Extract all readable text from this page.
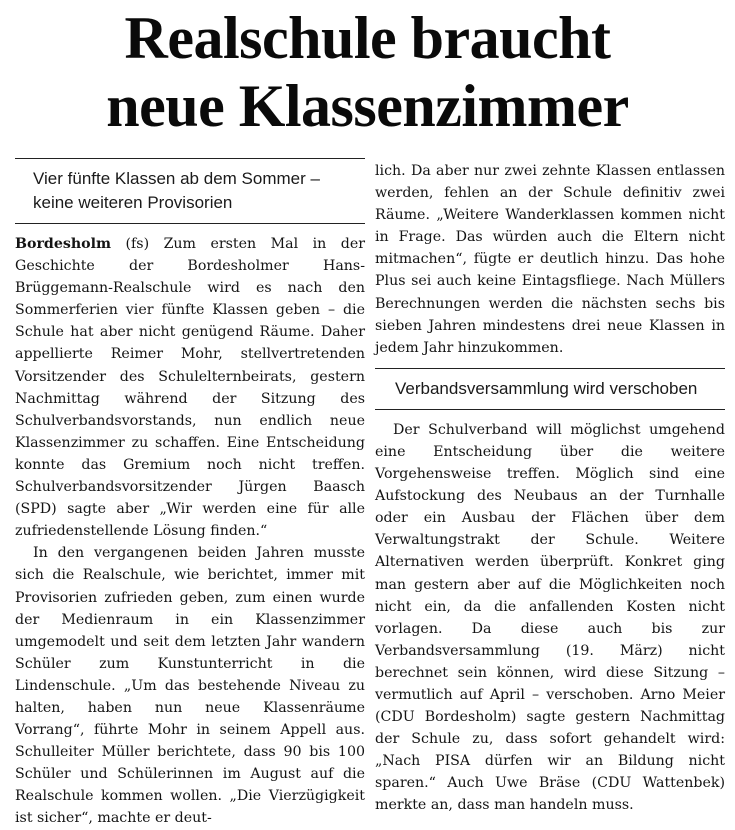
Realschule braucht
neue Klassenzimmer
Vier fünfte Klassen ab dem Sommer – keine weiteren Provisorien

Bordesholm (fs) Zum ersten Mal in der Geschichte der Bordesholmer Hans-Brüggemann-Realschule wird es nach den Sommerferien vier fünfte Klassen geben – die Schule hat aber nicht genügend Räume. Daher appellierte Reimer Mohr, stellvertretenden Vorsitzender des Schulelternbeirats, gestern Nachmittag während der Sitzung des Schulverbandsvorstands, nun endlich neue Klassenzimmer zu schaffen. Eine Entscheidung konnte das Gremium noch nicht treffen. Schulverbandsvorsitzender Jürgen Baasch (SPD) sagte aber „Wir werden eine für alle zufriedenstellende Lösung finden.“

In den vergangenen beiden Jahren musste sich die Realschule, wie berichtet, immer mit Provisorien zufrieden geben, zum einen wurde der Medienraum in ein Klassenzimmer umgemodelt und seit dem letzten Jahr wandern Schüler zum Kunstunterricht in die Lindenschule. „Um das bestehende Niveau zu halten, haben nun neue Klassenräume Vorrang“, führte Mohr in seinem Appell aus. Schulleiter Müller berichtete, dass 90 bis 100 Schüler und Schülerinnen im August auf die Realschule kommen wollen. „Die Vierzügigkeit ist sicher“, machte er deut-

lich. Da aber nur zwei zehnte Klassen entlassen werden, fehlen an der Schule definitiv zwei Räume. „Weitere Wanderklassen kommen nicht in Frage. Das würden auch die Eltern nicht mitmachen“, fügte er deutlich hinzu. Das hohe Plus sei auch keine Eintagsfliege. Nach Müllers Berechnungen werden die nächsten sechs bis sieben Jahren mindestens drei neue Klassen in jedem Jahr hinzukommen.

Verbandsversammlung wird verschoben

Der Schulverband will möglichst umgehend eine Entscheidung über die weitere Vorgehensweise treffen. Möglich sind eine Aufstockung des Neubaus an der Turnhalle oder ein Ausbau der Flächen über dem Verwaltungstrakt der Schule. Weitere Alternativen werden überprüft. Konkret ging man gestern aber auf die Möglichkeiten noch nicht ein, da die anfallenden Kosten nicht vorlagen. Da diese auch bis zur Verbandsversammlung (19. März) nicht berechnet sein können, wird diese Sitzung – vermutlich auf April – verschoben. Arno Meier (CDU Bordesholm) sagte gestern Nachmittag der Schule zu, dass sofort gehandelt wird: „Nach PISA dürfen wir an Bildung nicht sparen.“ Auch Uwe Bräse (CDU Wattenbek) merkte an, dass man handeln muss.
